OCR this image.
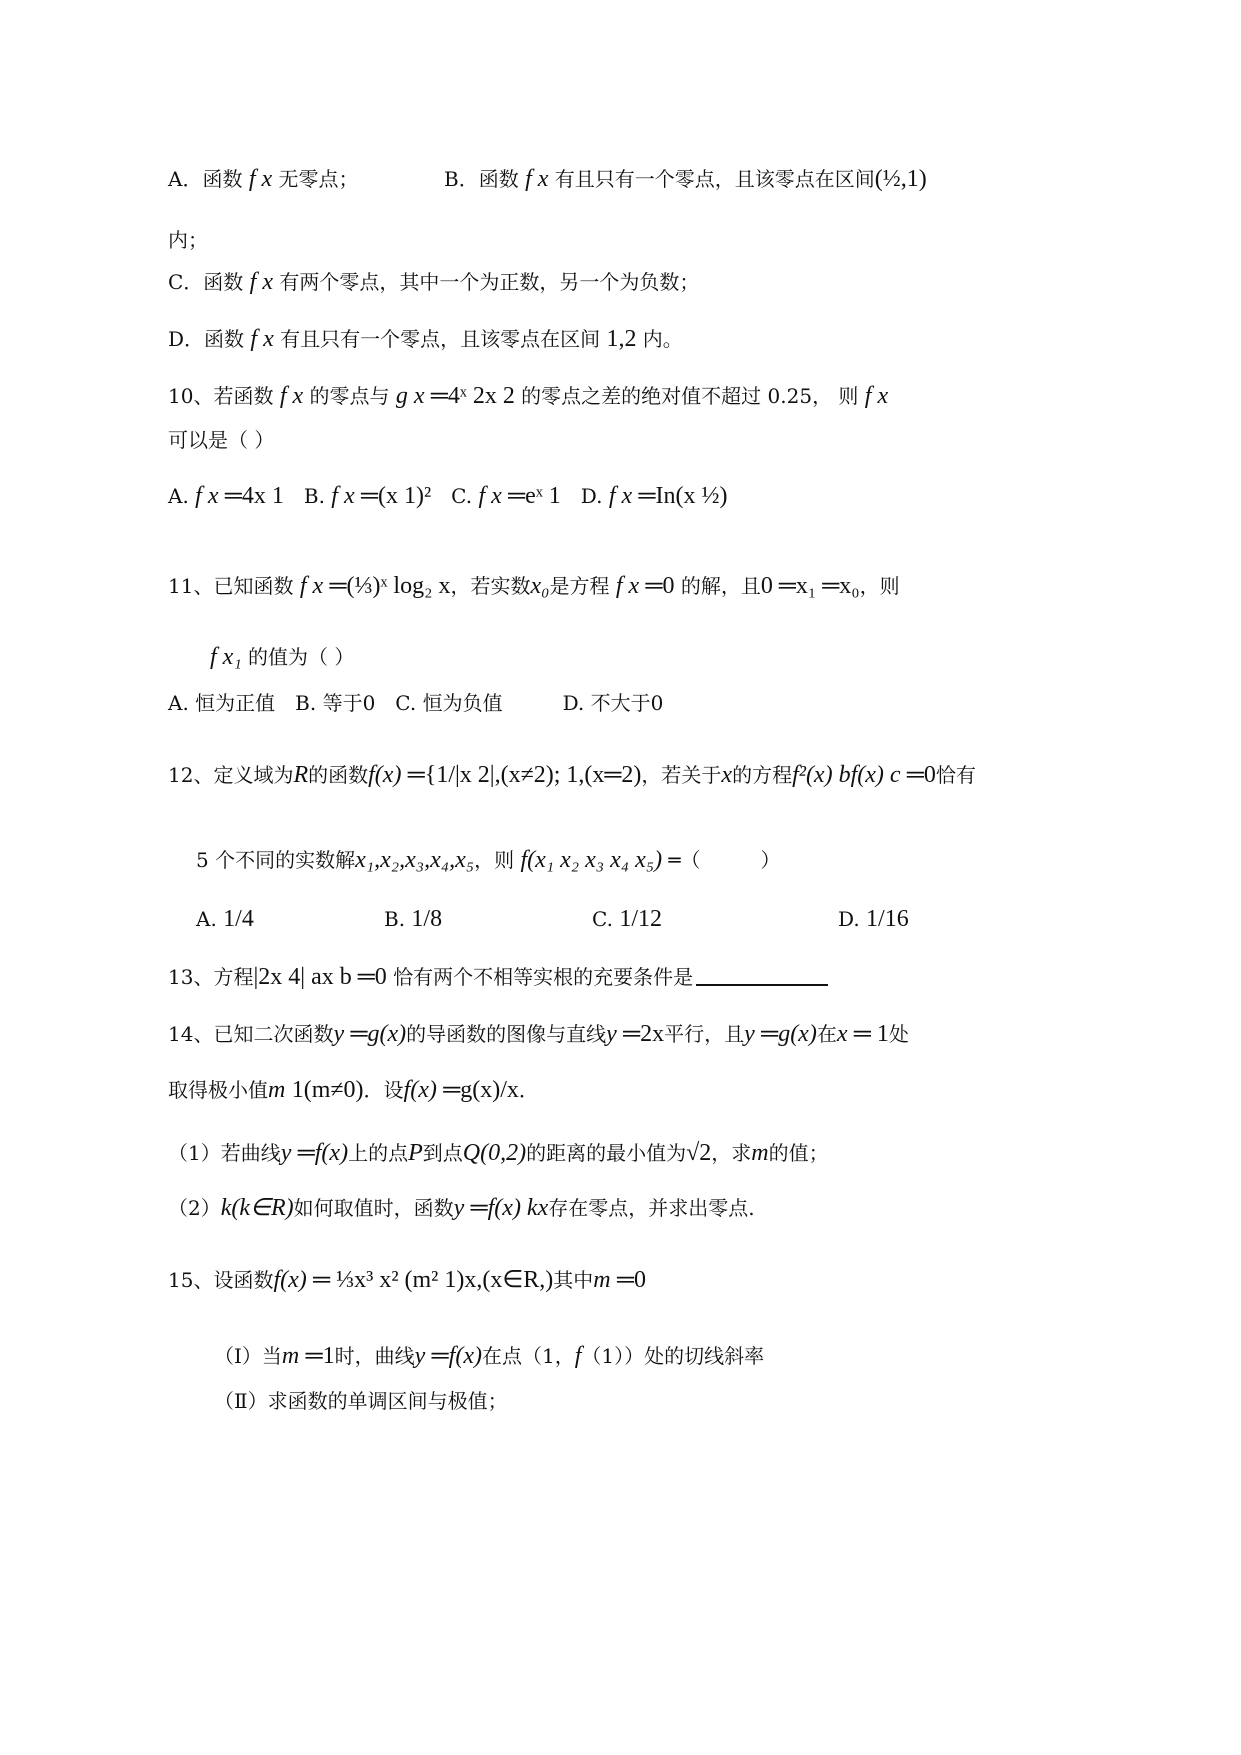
A．函数 f x 无零点；	B．函数 f x 有且只有一个零点，且该零点在区间(½,1)
内；
C．函数 f x 有两个零点，其中一个为正数，另一个为负数；
D．函数 f x 有且只有一个零点，且该零点在区间 1,2 内。
10、若函数 f x 的零点与 g x ═4ˣ 2x 2 的零点之差的绝对值不超过 0.25， 则 f x
可以是（ ）
A. f x ═4x 1　B. f x ═(x 1)²　C. f x ═eˣ 1　D. f x ═In(x ½)
11、已知函数 f x ═(⅓)ˣ log₂ x，若实数x₀是方程 f x ═0 的解，且0 ═x₁ ═x₀，则
f x₁ 的值为（ ）
A. 恒为正值　B. 等于0　C. 恒为负值　　　D. 不大于0
12、定义域为R的函数f(x) ═{1/|x 2|,(x≠2); 1,(x═2)，若关于x的方程f²(x) bf(x) c ═0恰有
5 个不同的实数解x₁,x₂,x₃,x₄,x₅，则 f(x₁ x₂ x₃ x₄ x₅) ═（　　　）
A. 1/4	B. 1/8	C. 1/12	D. 1/16
13、方程|2x 4| ax b ═0 恰有两个不相等实根的充要条件是
14、已知二次函数y ═g(x)的导函数的图像与直线y ═2x平行，且y ═g(x)在x ═ 1处
取得极小值m 1(m≠0)．设f(x) ═g(x)/x．
（1）若曲线y ═f(x)上的点P到点Q(0,2)的距离的最小值为√2，求m的值；
（2）k(k∈R)如何取值时，函数y ═f(x) kx存在零点，并求出零点.
15、设函数f(x) ═ ⅓x³ x² (m² 1)x,(x∈R,)其中m ═0
（Ⅰ）当m ═1时，曲线y ═f(x)在点（1，f（1））处的切线斜率
（Ⅱ）求函数的单调区间与极值；
